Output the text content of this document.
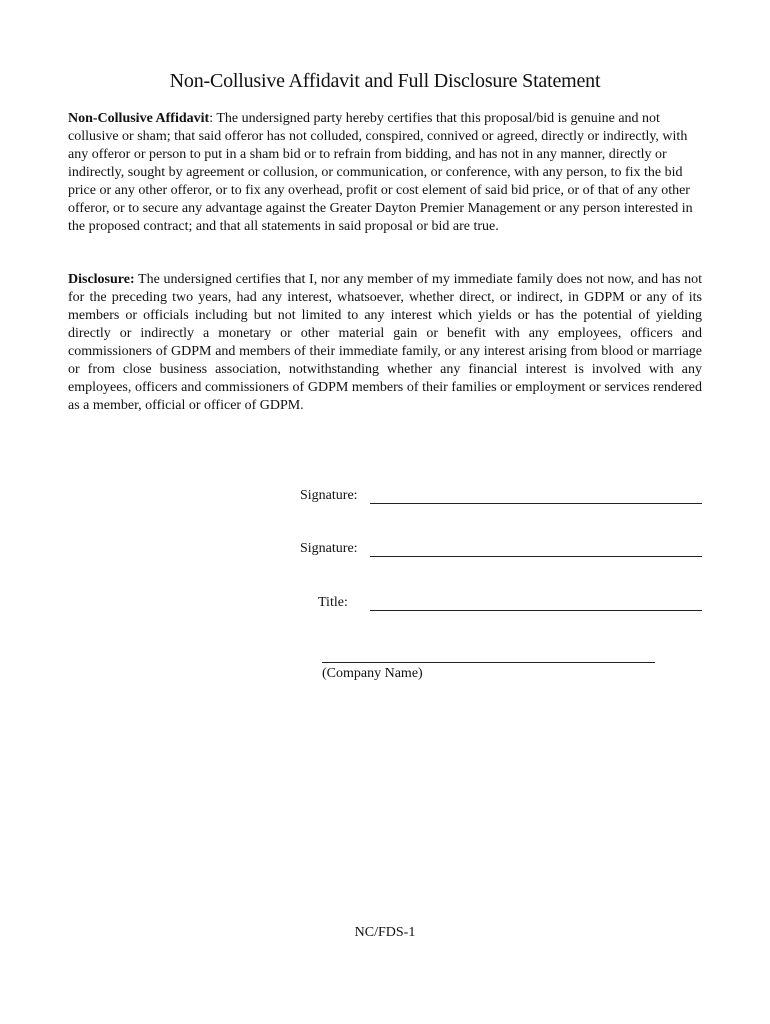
Non-Collusive Affidavit and Full Disclosure Statement

Non-Collusive Affidavit: The undersigned party hereby certifies that this proposal/bid is genuine and not collusive or sham; that said offeror has not colluded, conspired, connived or agreed, directly or indirectly, with any offeror or person to put in a sham bid or to refrain from bidding, and has not in any manner, directly or indirectly, sought by agreement or collusion, or communication, or conference, with any person, to fix the bid price or any other offeror, or to fix any overhead, profit or cost element of said bid price, or of that of any other offeror, or to secure any advantage against the Greater Dayton Premier Management or any person interested in the proposed contract; and that all statements in said proposal or bid are true.

Disclosure: The undersigned certifies that I, nor any member of my immediate family does not now, and has not for the preceding two years, had any interest, whatsoever, whether direct, or indirect, in GDPM or any of its members or officials including but not limited to any interest which yields or has the potential of yielding directly or indirectly a monetary or other material gain or benefit with any employees, officers and commissioners of GDPM and members of their immediate family, or any interest arising from blood or marriage or from close business association, notwithstanding whether any financial interest is involved with any employees, officers and commissioners of GDPM members of their families or employment or services rendered as a member, official or officer of GDPM.

Signature:
Signature:
Title:
(Company Name)
NC/FDS-1
